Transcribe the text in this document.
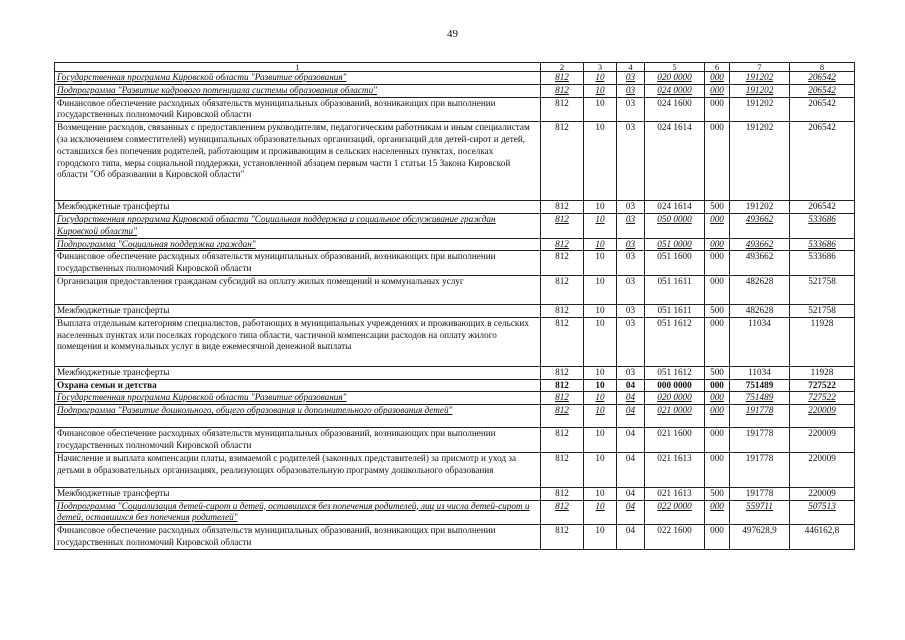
49
1	2	3	4	5	6	7	8
Государственная программа Кировской области "Развитие образования"	812	10	03	020 0000	000	191202	206542
Подпрограмма "Развитие кадрового потенциала системы образования области"	812	10	03	024 0000	000	191202	206542
Финансовое обеспечение расходных обязательств муниципальных образований, возникающих при выполнении государственных полномочий Кировской области	812	10	03	024 1600	000	191202	206542
Возмещение расходов, связанных с предоставлением руководителям, педагогическим работникам и иным специалистам (за исключением совместителей) муниципальных образовательных организаций, организаций для детей-сирот и детей, оставшихся без попечения родителей, работающим и проживающим в сельских населенных пунктах, поселках городского типа, меры социальной поддержки, установленной абзацем первым части 1 статьи 15 Закона Кировской области "Об образовании в Кировской области"	812	10	03	024 1614	000	191202	206542
Межбюджетные трансферты	812	10	03	024 1614	500	191202	206542
Государственная программа Кировской области "Социальная поддержка и социальное обслуживание граждан Кировской области"	812	10	03	050 0000	000	493662	533686
Подпрограмма "Социальная поддержка граждан"	812	10	03	051 0000	000	493662	533686
Финансовое обеспечение расходных обязательств муниципальных образований, возникающих при выполнении государственных полномочий Кировской области	812	10	03	051 1600	000	493662	533686
Организация предоставления гражданам субсидий на оплату жилых помещений и коммунальных услуг	812	10	03	051 1611	000	482628	521758
Межбюджетные трансферты	812	10	03	051 1611	500	482628	521758
Выплата отдельным категориям специалистов, работающих в муниципальных учреждениях и проживающих в сельских населенных пунктах или поселках городского типа области, частичной компенсации расходов на оплату жилого помещения и коммунальных услуг в виде ежемесячной денежной выплаты	812	10	03	051 1612	000	11034	11928
Межбюджетные трансферты	812	10	03	051 1612	500	11034	11928
Охрана семьи и детства	812	10	04	000 0000	000	751489	727522
Государственная программа Кировской области "Развитие образования"	812	10	04	020 0000	000	751489	727522
Подпрограмма "Развитие дошкольного, общего образования и дополнительного образования детей"	812	10	04	021 0000	000	191778	220009
Финансовое обеспечение расходных обязательств муниципальных образований, возникающих при выполнении государственных полномочий Кировской области	812	10	04	021 1600	000	191778	220009
Начисление и выплата компенсации платы, взимаемой с родителей (законных представителей) за присмотр и уход за детьми в образовательных организациях, реализующих образовательную программу дошкольного образования	812	10	04	021 1613	000	191778	220009
Межбюджетные трансферты	812	10	04	021 1613	500	191778	220009
Подпрограмма "Социализация детей-сирот и детей, оставшихся без попечения родителей, лиц из числа детей-сирот и детей, оставшихся без попечения родителей"	812	10	04	022 0000	000	559711	507513
Финансовое обеспечение расходных обязательств муниципальных образований, возникающих при выполнении государственных полномочий Кировской области	812	10	04	022 1600	000	497628,9	446162,8
